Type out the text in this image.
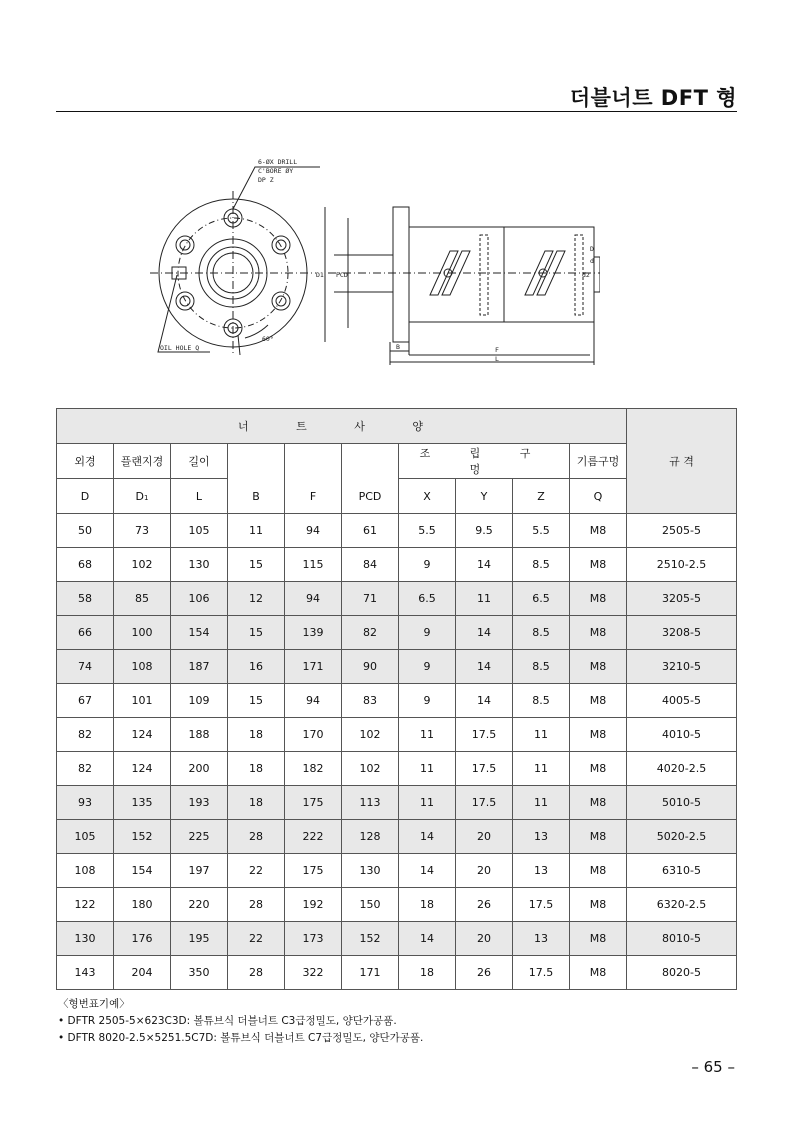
더블너트 DFT 형
6-ØX DRILL
C'BORE ØY
DP Z
OIL HOLE Q
60°
D1 PCD
B	F
L
d2
d
D
너 트 사 양										규 격
외경	플랜지경	길이	B	F	PCD	조 립 구 멍			기름구멍	
D	D1	L				X	Y	Z	Q	
50	73	105	11	94	61	5.5	9.5	5.5	M8	2505-5
68	102	130	15	115	84	9	14	8.5	M8	2510-2.5
58	85	106	12	94	71	6.5	11	6.5	M8	3205-5
66	100	154	15	139	82	9	14	8.5	M8	3208-5
74	108	187	16	171	90	9	14	8.5	M8	3210-5
67	101	109	15	94	83	9	14	8.5	M8	4005-5
82	124	188	18	170	102	11	17.5	11	M8	4010-5
82	124	200	18	182	102	11	17.5	11	M8	4020-2.5
93	135	193	18	175	113	11	17.5	11	M8	5010-5
105	152	225	28	222	128	14	20	13	M8	5020-2.5
108	154	197	22	175	130	14	20	13	M8	6310-5
122	180	220	28	192	150	18	26	17.5	M8	6320-2.5
130	176	195	22	173	152	14	20	13	M8	8010-5
143	204	350	28	322	171	18	26	17.5	M8	8020-5
〈형번표기예〉
• DFTR 2505-5×623C3D: 볼튜브식 더블너트 C3급정밀도, 양단가공품.
• DFTR 8020-2.5×5251.5C7D: 볼튜브식 더블너트 C7급정밀도, 양단가공품.
– 65 –
